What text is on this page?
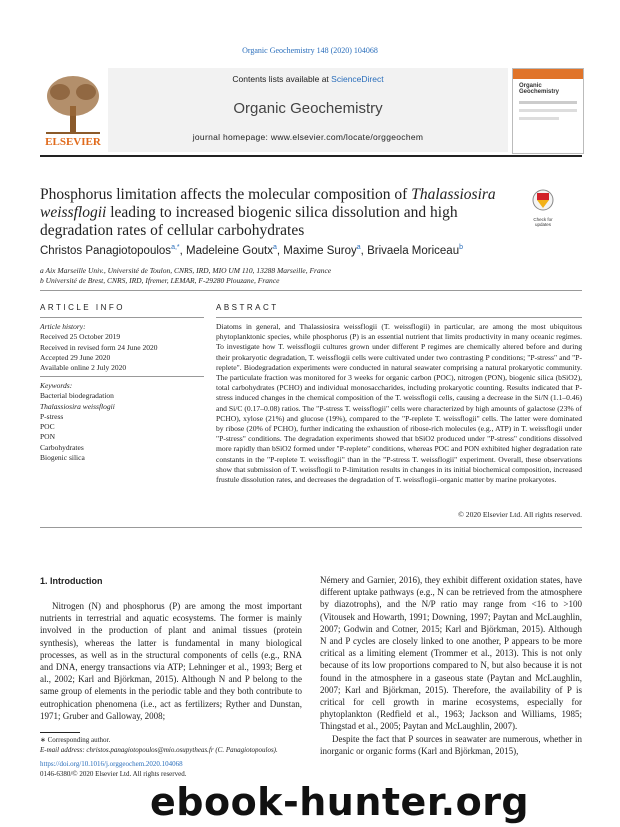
Organic Geochemistry 148 (2020) 104068
ELSEVIER
Contents lists available at ScienceDirect
Organic Geochemistry
journal homepage: www.elsevier.com/locate/orggeochem
Organic Geochemistry
Phosphorus limitation affects the molecular composition of Thalassiosira weissflogii leading to increased biogenic silica dissolution and high degradation rates of cellular carbohydrates
Check for updates
Christos Panagiotopoulos$^{a,*}$, Madeleine Goutx$^a$, Maxime Suroy$^a$, Brivaela Moriceau$^b$
a Aix Marseille Univ., Université de Toulon, CNRS, IRD, MIO UM 110, 13288 Marseille, France
b Université de Brest, CNRS, IRD, Ifremer, LEMAR, F-29280 Plouzane, France
ARTICLE INFO	ABSTRACT
Article history:
Received 25 October 2019
Received in revised form 24 June 2020
Accepted 29 June 2020
Available online 2 July 2020
Keywords:
Bacterial biodegradation
Thalassiosira weissflogii
P-stress
POC
PON
Carbohydrates
Biogenic silica
Diatoms in general, and Thalassiosira weissflogii (T. weissflogii) in particular, are among the most ubiquitous phytoplanktonic species, while phosphorus (P) is an essential nutrient that limits productivity in many oceanic regimes. To investigate how T. weissflogii cultures grown under different P regimes are chemically altered before and during their prokaryotic degradation, T. weissflogii cells were cultivated under two contrasting P conditions; "P-stress" and "P-replete". Biodegradation experiments were conducted in natural seawater comprising a natural prokaryotic community. The particulate fraction was monitored for 3 weeks for organic carbon (POC), nitrogen (PON), biogenic silica (bSiO2), total carbohydrates (PCHO) and individual monosaccharides, including prokaryotic counting. Results indicated that P-stress induced changes in the chemical composition of the T. weissflogii cells, causing a decrease in the Si/N (1.1–0.46) and Si/C (0.17–0.08) ratios. The "P-stress T. weissflogii" cells were characterized by high amounts of galactose (23% of PCHO), xylose (21%) and glucose (19%), compared to the "P-replete T. weissflogii" cells. The latter were dominated by ribose (20% of PCHO), further indicating the exhaustion of ribose-rich molecules (e.g., ATP) in T. weissflogii under "P-stress" conditions. The degradation experiments showed that bSiO2 produced under "P-stress" conditions dissolved more rapidly than bSiO2 formed under "P-replete" conditions, whereas POC and PON exhibited higher degradation rate constants in the "P-replete T. weissflogii" than in the "P-stress T. weissflogii" experiment. Overall, these observations show that submission of T. weissflogii to P-limitation results in changes in its initial biochemical composition, increased frustule dissolution rates, and decreases the degradation of T. weissflogii–organic matter by marine prokaryotes.
© 2020 Elsevier Ltd. All rights reserved.
1. Introduction
Nitrogen (N) and phosphorus (P) are among the most important nutrients in terrestrial and aquatic ecosystems. The former is mainly involved in the production of plant and animal tissues (protein synthesis), whereas the latter is fundamental in many biological processes, as well as in the structural components of cells (e.g., RNA and DNA, energy transactions via ATP; Lehninger et al., 1993; Berg et al., 2002; Karl and Björkman, 2015). Although N and P belong to the same group of elements in the periodic table and they both contribute to eutrophication phenomena (i.e., act as fertilizers; Ryther and Dunstan, 1971; Gruber and Galloway, 2008;

Némery and Garnier, 2016), they exhibit different oxidation states, have different uptake pathways (e.g., N can be retrieved from the atmosphere by diazotrophs), and the N/P ratio may range from <16 to >100 (Vitousek and Howarth, 1991; Downing, 1997; Paytan and McLaughlin, 2007; Godwin and Cotner, 2015; Karl and Björkman, 2015). Although N and P cycles are closely linked to one another, P appears to be more critical as a limiting element (Trommer et al., 2013). This is not only because of its low proportions compared to N, but also because it is not found in the atmosphere in a gaseous state (Paytan and McLaughlin, 2007; Karl and Björkman, 2015). Therefore, the availability of P is critical for cell growth in marine ecosystems, especially for phytoplankton (Redfield et al., 1963; Jackson and Williams, 1985; Thingstad et al., 2005; Paytan and McLaughlin, 2007).

Despite the fact that P sources in seawater are numerous, whether in inorganic or organic forms (Karl and Björkman, 2015),

∗ Corresponding author.
E-mail address: christos.panagiotopoulos@mio.osupytheas.fr (C. Panagiotopoulos).
https://doi.org/10.1016/j.orggeochem.2020.104068
0146-6380/© 2020 Elsevier Ltd. All rights reserved.
ebook-hunter.org
